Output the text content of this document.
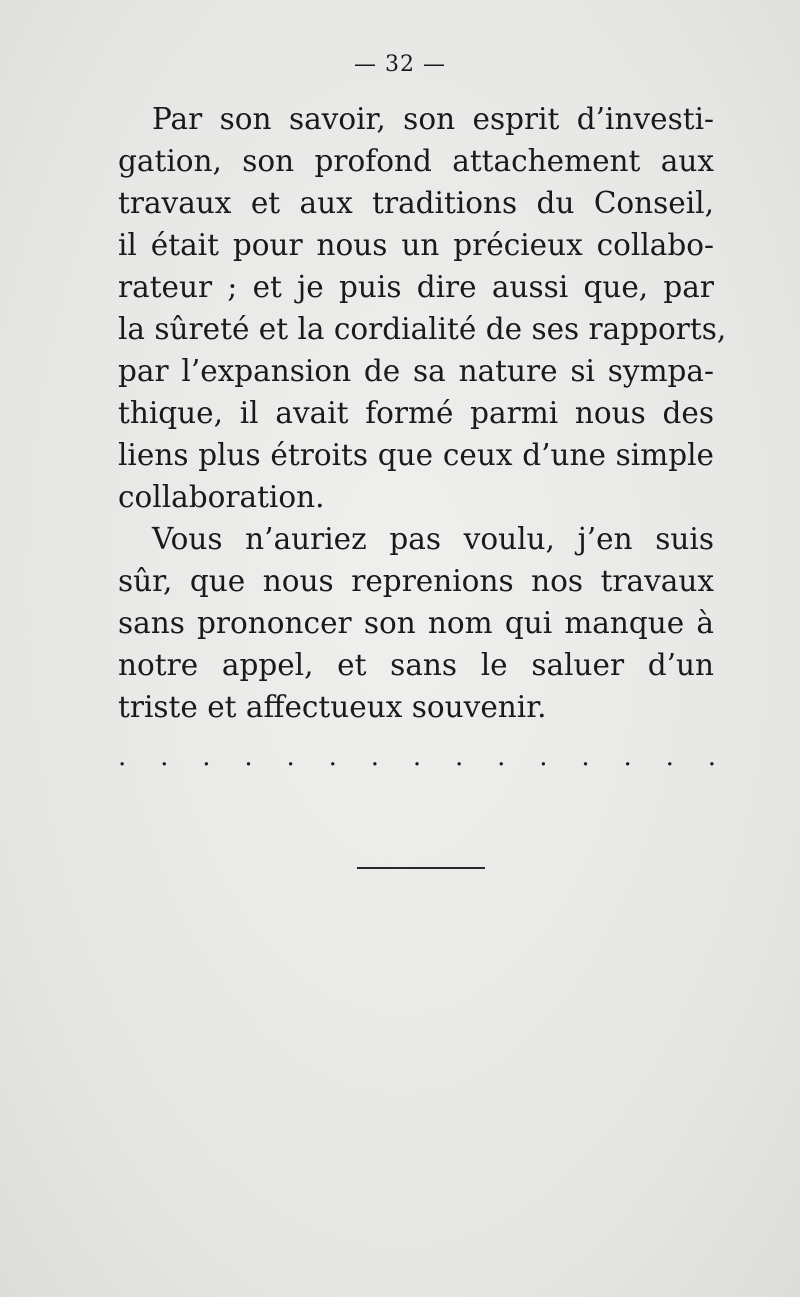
— 32 —
Par son savoir, son esprit d’investi-
gation, son profond attachement aux
travaux et aux traditions du Conseil,
il était pour nous un précieux collabo-
rateur ; et je puis dire aussi que, par
la sûreté et la cordialité de ses rapports,
par l’expansion de sa nature si sympa-
thique, il avait formé parmi nous des
liens plus étroits que ceux d’une simple
collaboration.
Vous n’auriez pas voulu, j’en suis
sûr, que nous reprenions nos travaux
sans prononcer son nom qui manque à
notre appel, et sans le saluer d’un
triste et affectueux souvenir.
. . . . . . . . . . . . . . .
